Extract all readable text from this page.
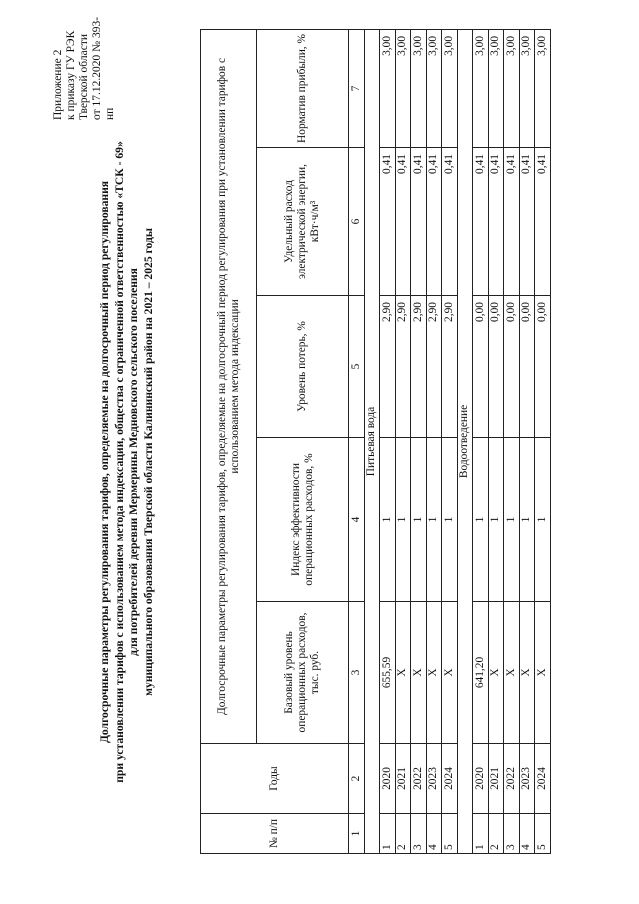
Приложение 2 к приказу ГУ РЭК Тверской области от 17.12.2020 № 393-нп
Долгосрочные параметры регулирования тарифов, определяемые на долгосрочный период регулирования при установлении тарифов с использованием метода индексации, общества с ограниченной ответственностью «ТСК - 69» для потребителей деревни Мермерины Медновского сельского поселения муниципального образования Тверской области Калининский район на 2021 – 2025 годы
№ п/п	Годы	Долгосрочные параметры регулирования тарифов, определяемые на долгосрочный период регулирования при установлении тарифов с использованием метода индексации				
		Базовый уровень операционных расходов, тыс. руб.	Индекс эффективности операционных расходов, %	Уровень потерь, %	Удельный расход электрической энергии, кВт·ч/м³	Норматив прибыли, %
1	2	3	4	5	6	7
Питьевая вода						
1	2020	655,59	1	2,90	0,41	3,00
2	2021	Х	1	2,90	0,41	3,00
3	2022	Х	1	2,90	0,41	3,00
4	2023	Х	1	2,90	0,41	3,00
5	2024	Х	1	2,90	0,41	3,00
Водоотведение						
1	2020	641,20	1	0,00	0,41	3,00
2	2021	Х	1	0,00	0,41	3,00
3	2022	Х	1	0,00	0,41	3,00
4	2023	Х	1	0,00	0,41	3,00
5	2024	Х	1	0,00	0,41	3,00
